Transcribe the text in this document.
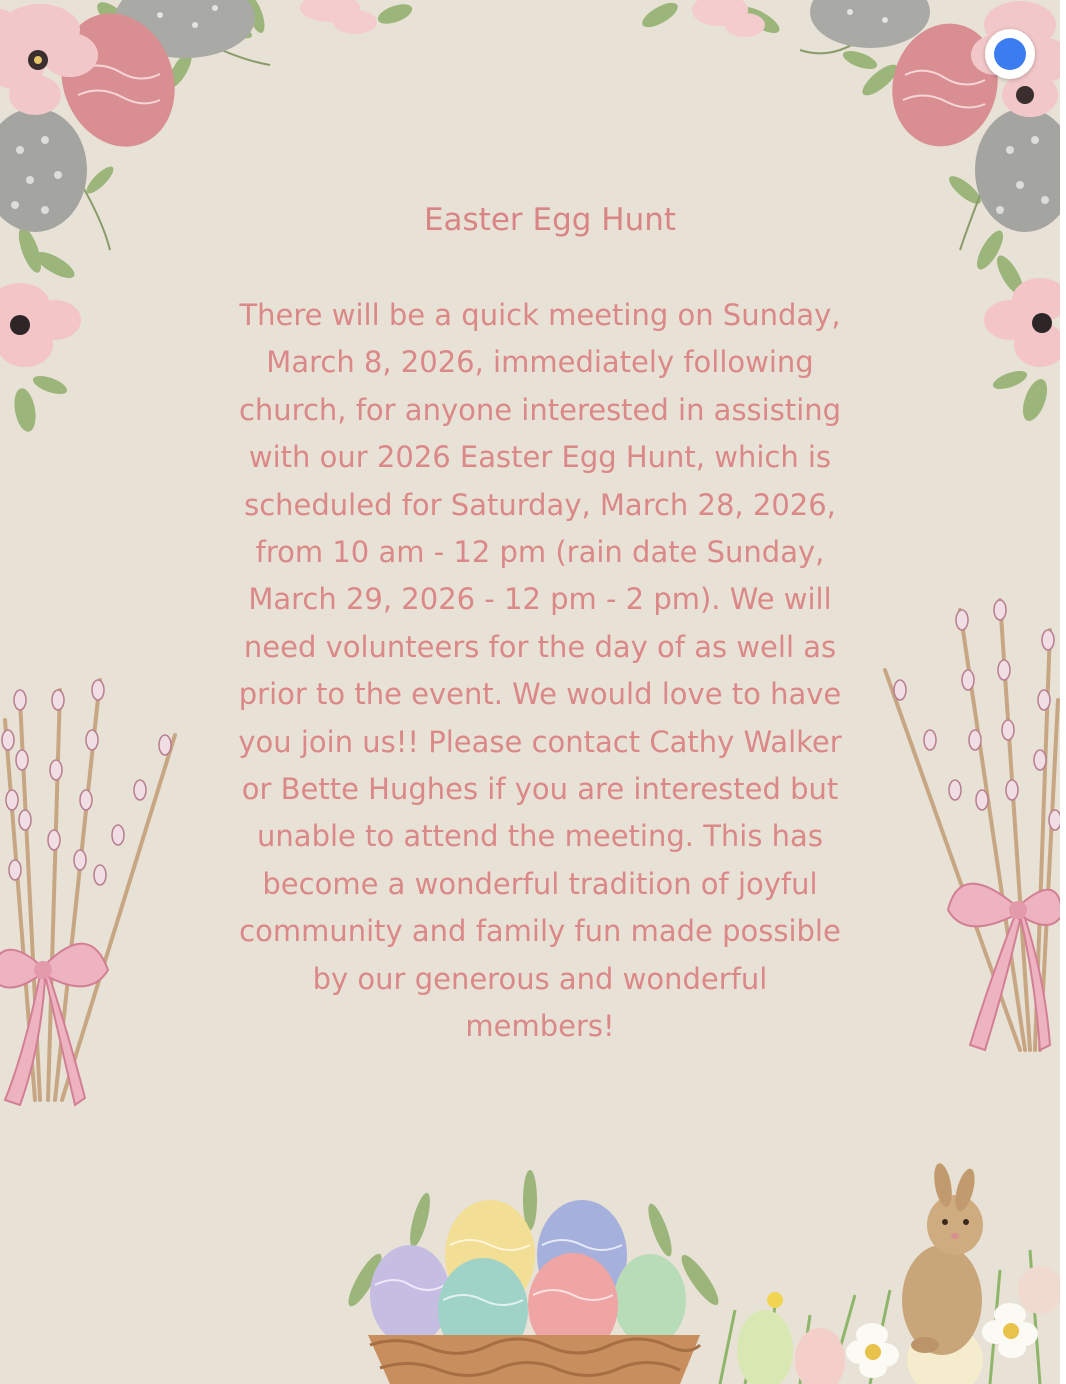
Easter Egg Hunt
There will be a quick meeting on Sunday,
March 8, 2026, immediately following
church, for anyone interested in assisting
with our 2026 Easter Egg Hunt, which is
scheduled for Saturday, March 28, 2026,
from 10 am - 12 pm (rain date Sunday,
March 29, 2026 - 12 pm - 2 pm). We will
need volunteers for the day of as well as
prior to the event. We would love to have
you join us!! Please contact Cathy Walker
or Bette Hughes if you are interested but
unable to attend the meeting. This has
become a wonderful tradition of joyful
community and family fun made possible
by our generous and wonderful
members!
